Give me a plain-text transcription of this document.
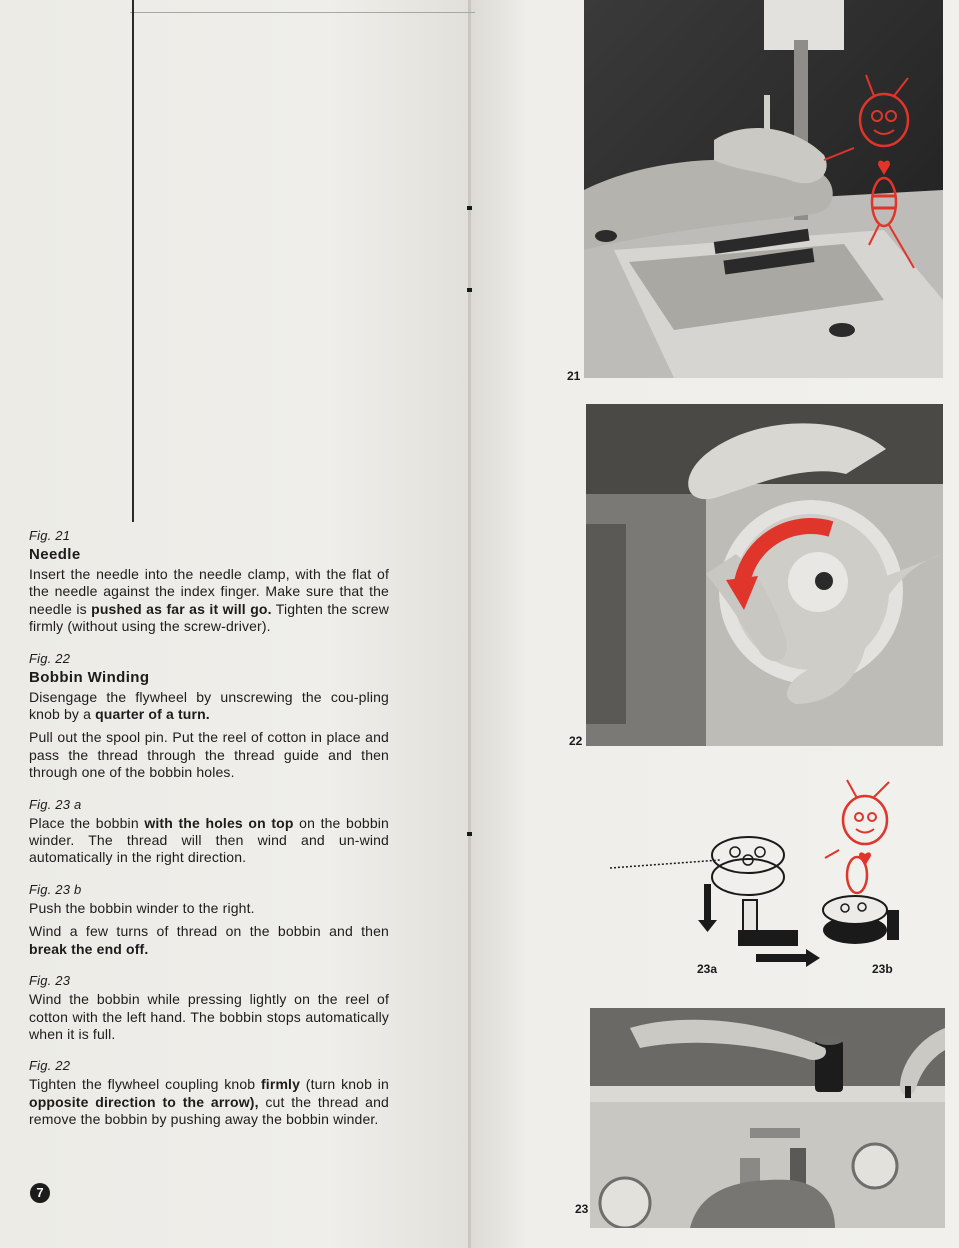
Fig. 21
Needle

Insert the needle into the needle clamp, with the flat of the needle against the index finger. Make sure that the needle is pushed as far as it will go. Tighten the screw firmly (without using the screw-driver).

Fig. 22
Bobbin Winding

Disengage the flywheel by unscrewing the cou-pling knob by a quarter of a turn.

Pull out the spool pin. Put the reel of cotton in place and pass the thread through the thread guide and then through one of the bobbin holes.

Fig. 23 a

Place the bobbin with the holes on top on the bobbin winder. The thread will then wind and un-wind automatically in the right direction.

Fig. 23 b

Push the bobbin winder to the right.

Wind a few turns of thread on the bobbin and then break the end off.

Fig. 23

Wind the bobbin while pressing lightly on the reel of cotton with the left hand. The bobbin stops automatically when it is full.

Fig. 22

Tighten the flywheel coupling knob firmly (turn knob in opposite direction to the arrow), cut the thread and remove the bobbin by pushing away the bobbin winder.

7
21
22
23a	23b
23
